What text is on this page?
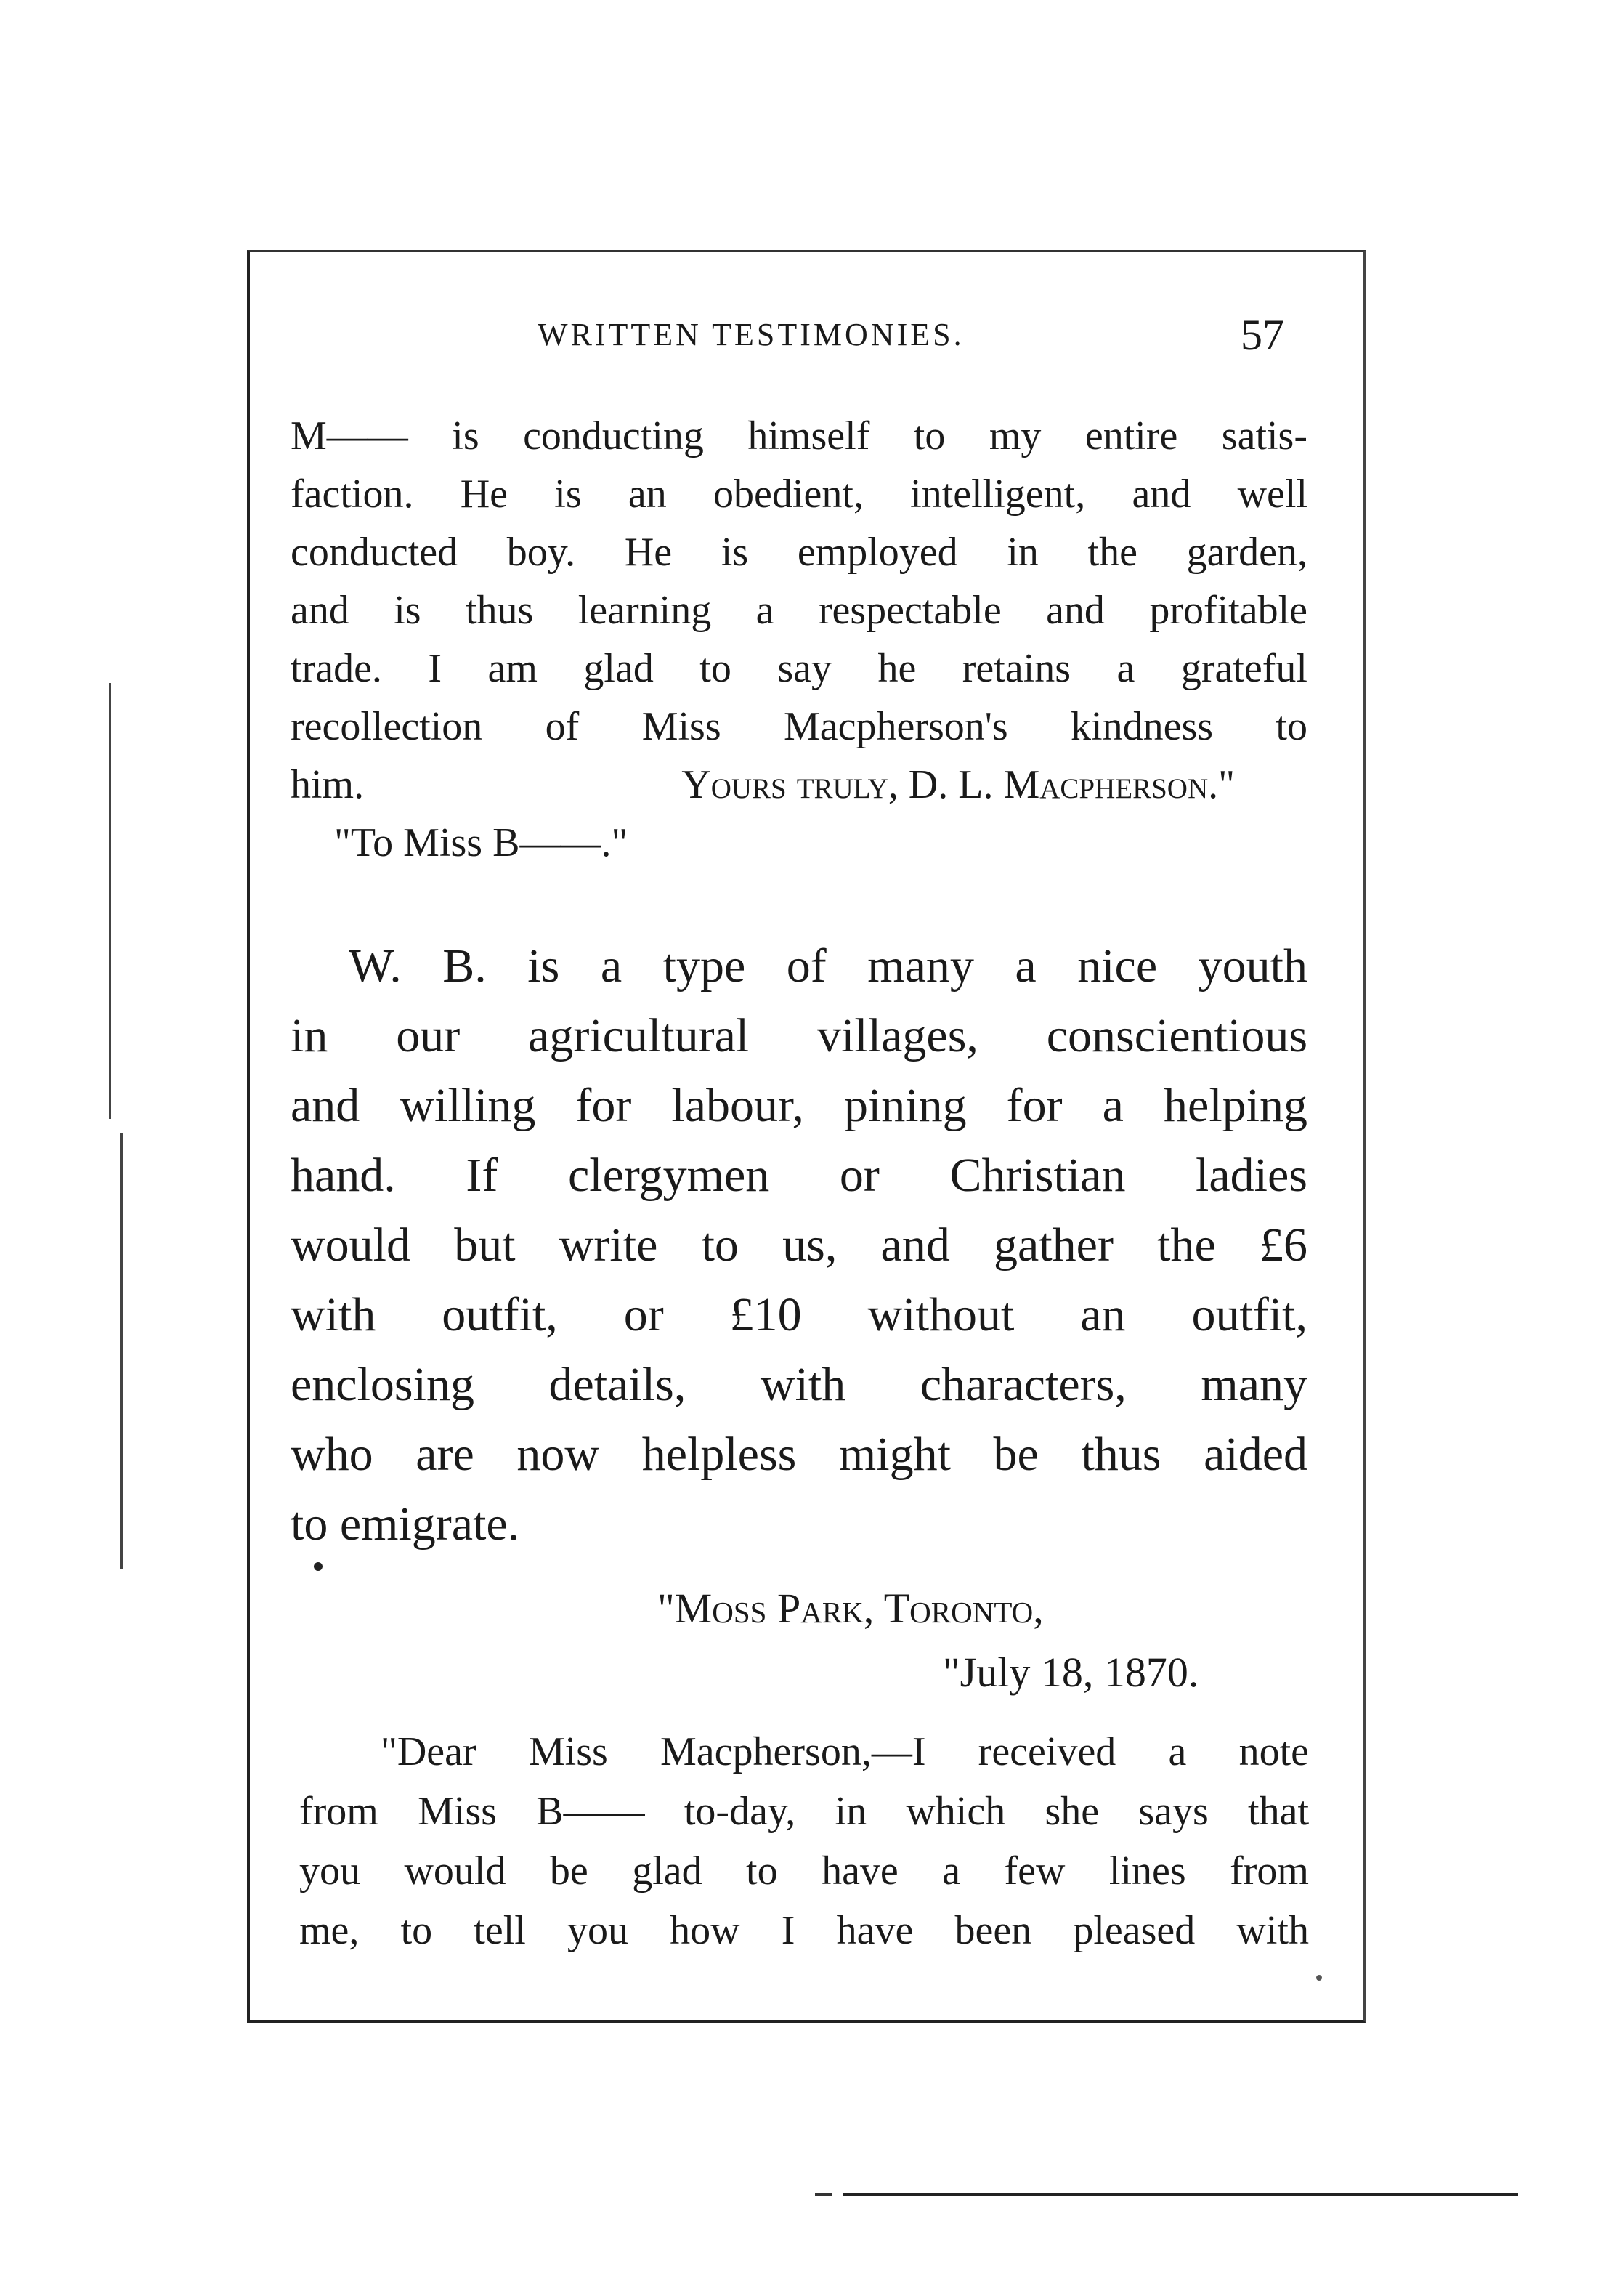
WRITTEN TESTIMONIES.	57

M—— is conducting himself to my entire satis-

faction. He is an obedient, intelligent, and well

conducted boy. He is employed in the garden,

and is thus learning a respectable and profitable

trade. I am glad to say he retains a grateful

recollection of Miss Macpherson's kindness to

him.	Yours truly, D. L. Macpherson."

"To Miss B——."

W. B. is a type of many a nice youth

in our agricultural villages, conscientious

and willing for labour, pining for a helping

hand. If clergymen or Christian ladies

would but write to us, and gather the £6

with outfit, or £10 without an outfit,

enclosing details, with characters, many

who are now helpless might be thus aided

to emigrate.

"Moss Park, Toronto,
"July 18, 1870.

"Dear Miss Macpherson,—I received a note

from Miss B—— to-day, in which she says that

you would be glad to have a few lines from

me, to tell you how I have been pleased with
